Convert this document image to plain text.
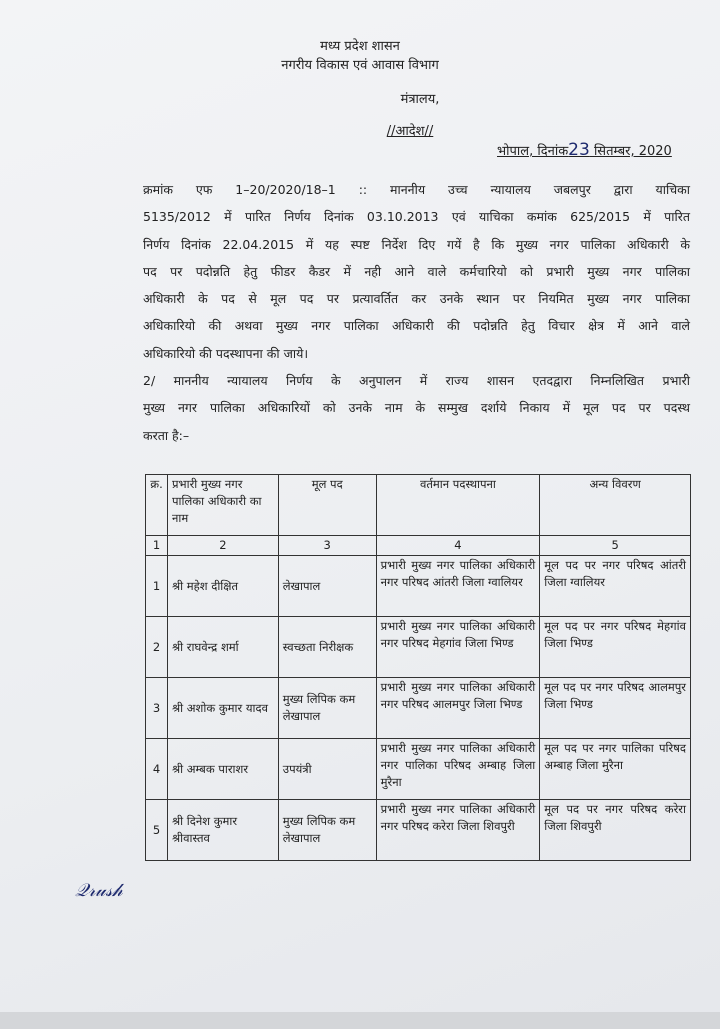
मध्य प्रदेश शासन
नगरीय विकास एवं आवास विभाग
मंत्रालय,
//आदेश//
भोपाल, दिनांक23 सितम्बर, 2020
क्रमांक एफ 1–20/2020/18–1 :: माननीय उच्च न्यायालय जबलपुर द्वारा याचिका
5135/2012 में पारित निर्णय दिनांक 03.10.2013 एवं याचिका कमांक 625/2015 में पारित
निर्णय दिनांक 22.04.2015 में यह स्पष्ट निर्देश दिए गयें है कि मुख्य नगर पालिका अधिकारी के
पद पर पदोन्नति हेतु फीडर कैडर में नही आने वाले कर्मचारियो को प्रभारी मुख्य नगर पालिका
अधिकारी के पद से मूल पद पर प्रत्यावर्तित कर उनके स्थान पर नियमित मुख्य नगर पालिका
अधिकारियो की अथवा मुख्य नगर पालिका अधिकारी की पदोन्नति हेतु विचार क्षेत्र में आने वाले
अधिकारियो की पदस्थापना की जाये।
2/ माननीय न्यायालय निर्णय के अनुपालन में राज्य शासन एतदद्वारा निम्नलिखित प्रभारी
मुख्य नगर पालिका अधिकारियों को उनके नाम के सम्मुख दर्शाये निकाय में मूल पद पर पदस्थ
करता है:–
क्र.	प्रभारी मुख्य नगर पालिका अधिकारी का नाम	मूल पद	वर्तमान पदस्थापना	अन्य विवरण
1	2	3	4	5
1	श्री महेश दीक्षित	लेखापाल	प्रभारी मुख्य नगर पालिका अधिकारी नगर परिषद आंतरी जिला ग्वालियर	मूल पद पर नगर परिषद आंतरी जिला ग्वालियर
2	श्री राघवेन्द्र शर्मा	स्वच्छता निरीक्षक	प्रभारी मुख्य नगर पालिका अधिकारी नगर परिषद मेहगांव जिला भिण्ड	मूल पद पर नगर परिषद मेहगांव जिला भिण्ड
3	श्री अशोक कुमार यादव	मुख्य लिपिक कम लेखापाल	प्रभारी मुख्य नगर पालिका अधिकारी नगर परिषद आलमपुर जिला भिण्ड	मूल पद पर नगर परिषद आलमपुर जिला भिण्ड
4	श्री अम्बक पाराशर	उपयंत्री	प्रभारी मुख्य नगर पालिका अधिकारी नगर पालिका परिषद अम्बाह जिला मुरैना	मूल पद पर नगर पालिका परिषद अम्बाह जिला मुरैना
5	श्री दिनेश कुमार श्रीवास्तव	मुख्य लिपिक कम लेखापाल	प्रभारी मुख्य नगर पालिका अधिकारी नगर परिषद करेरा जिला शिवपुरी	मूल पद पर नगर परिषद करेरा जिला शिवपुरी
𝒬𝓇𝓊𝓈𝒽
